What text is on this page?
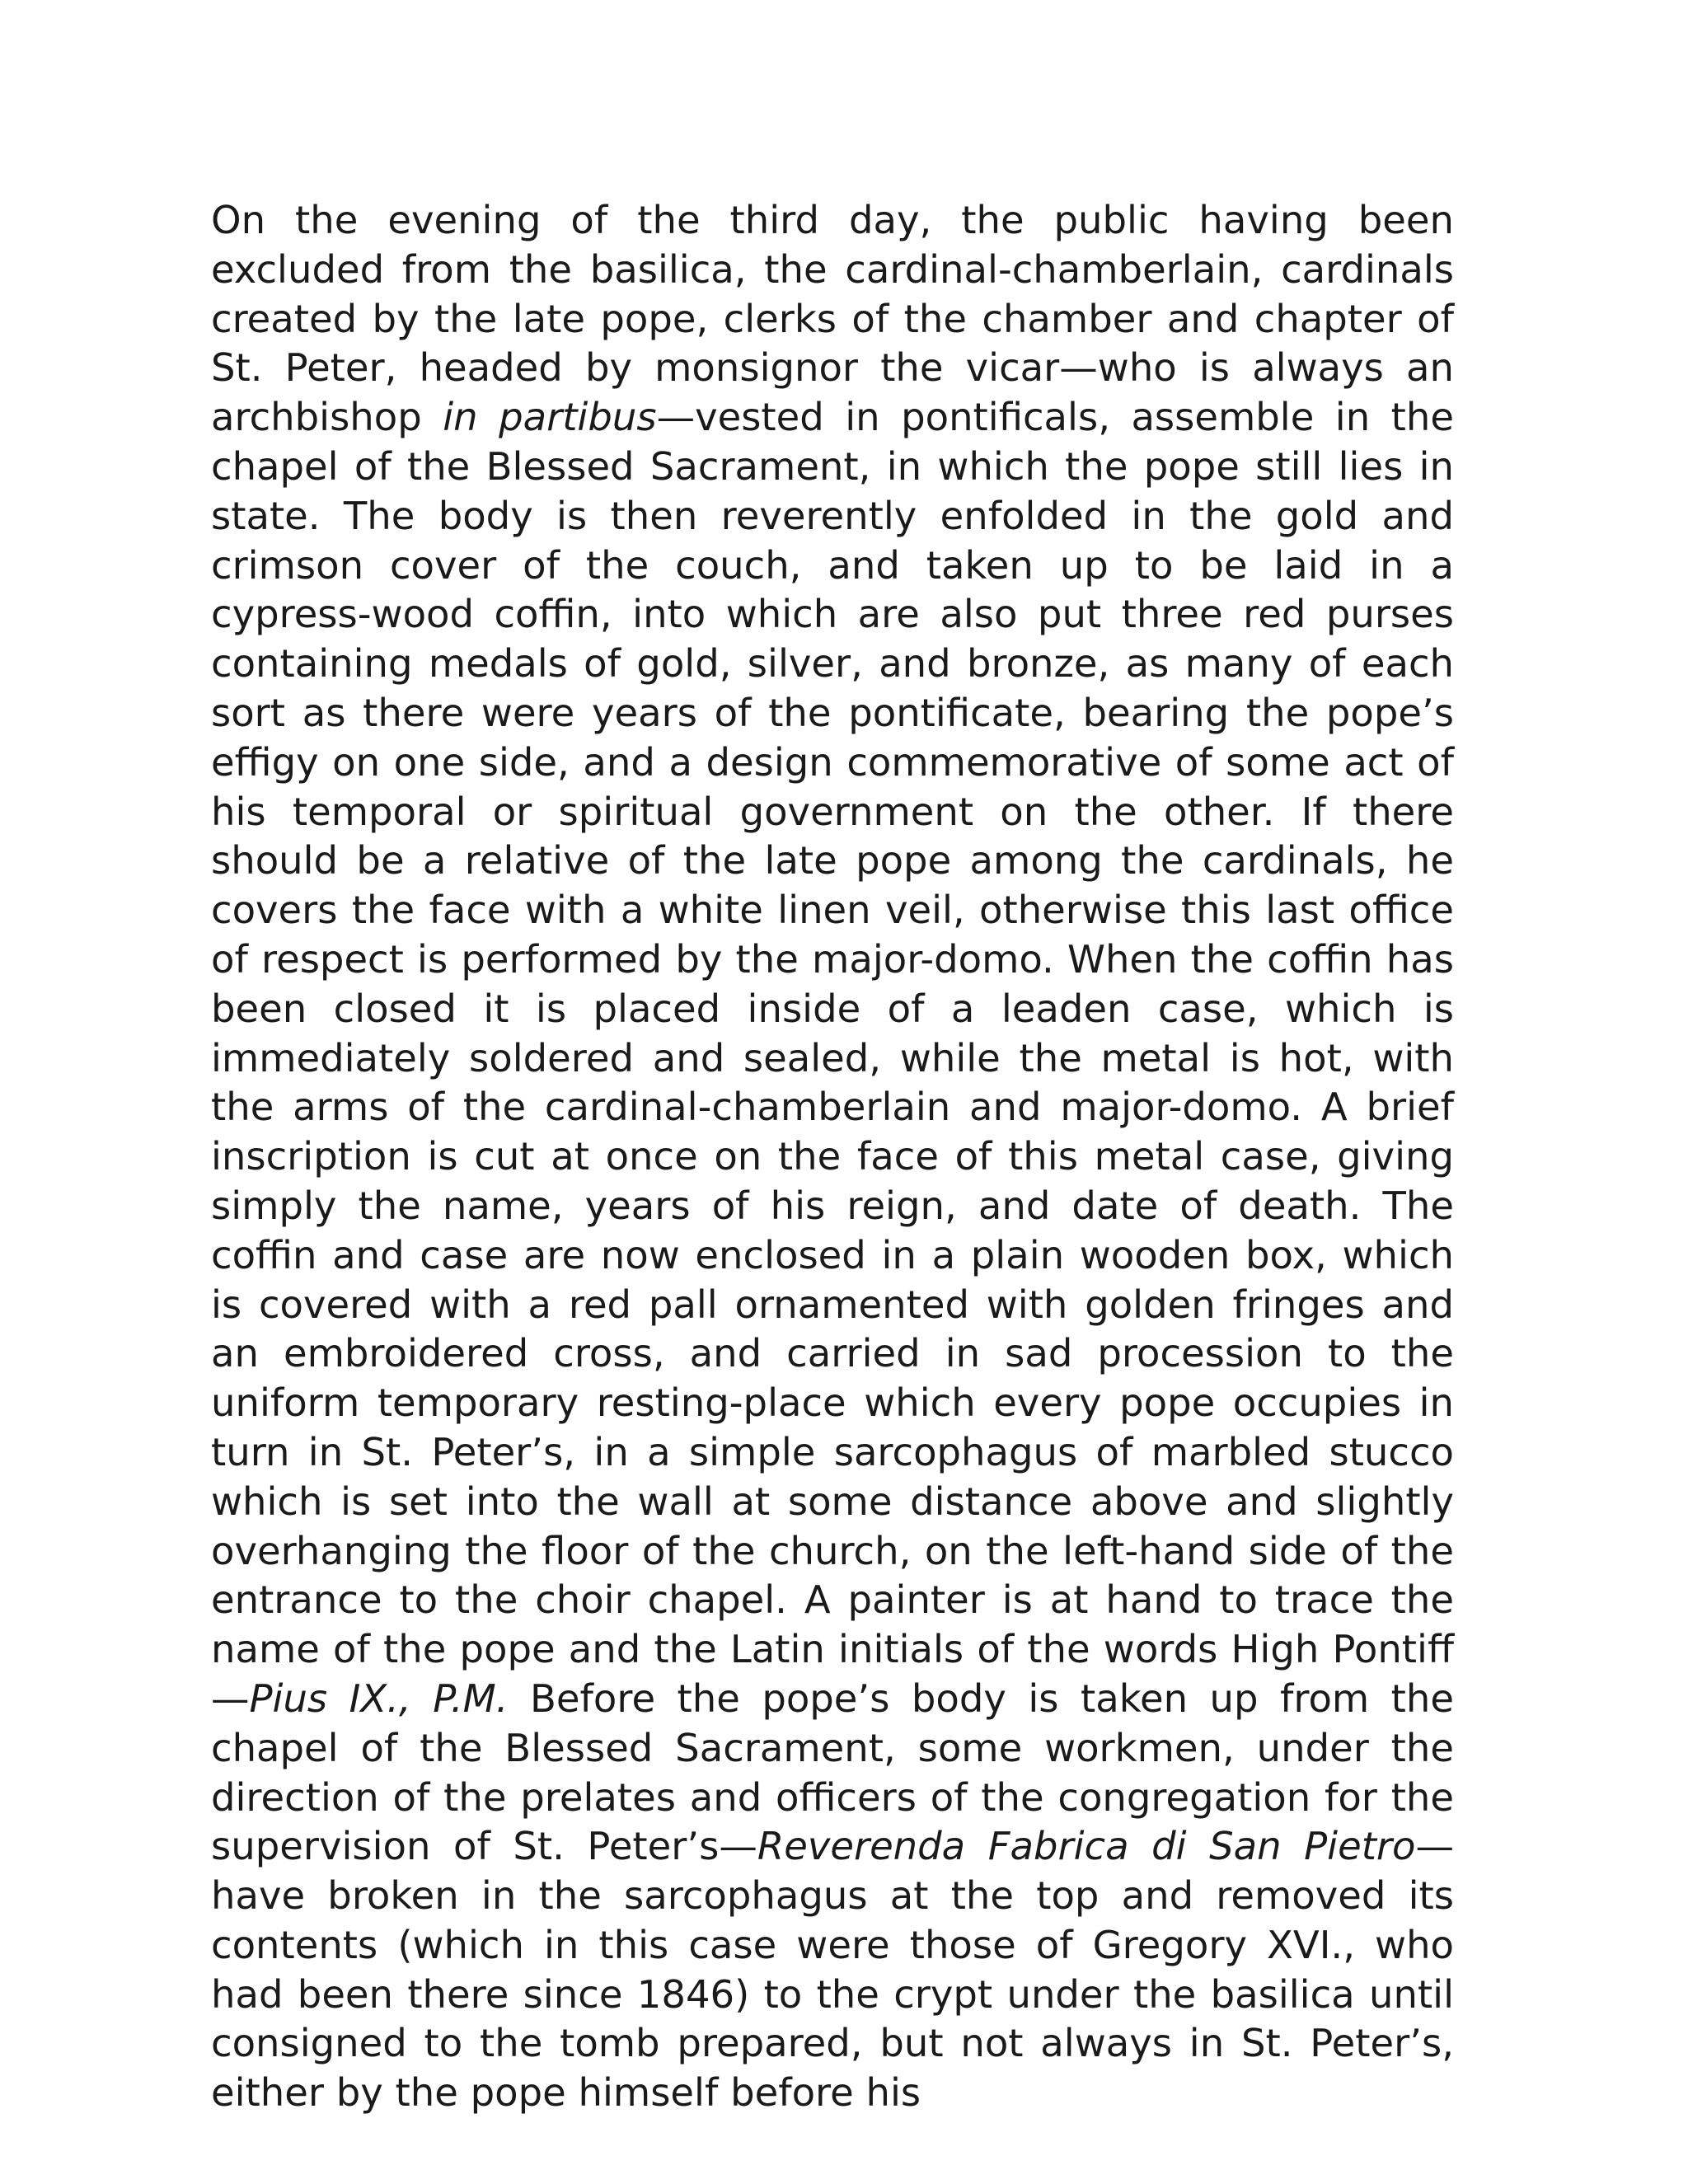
On the evening of the third day, the public having been excluded from the basilica, the cardinal-chamberlain, cardinals created by the late pope, clerks of the chamber and chapter of St. Peter, headed by monsignor the vicar—who is always an archbishop in partibus—vested in pontificals, assemble in the chapel of the Blessed Sacrament, in which the pope still lies in state. The body is then reverently enfolded in the gold and crimson cover of the couch, and taken up to be laid in a cypress-wood coffin, into which are also put three red purses containing medals of gold, silver, and bronze, as many of each sort as there were years of the pontificate, bearing the pope’s effigy on one side, and a design commemorative of some act of his temporal or spiritual government on the other. If there should be a relative of the late pope among the cardinals, he covers the face with a white linen veil, otherwise this last office of respect is performed by the major-domo. When the coffin has been closed it is placed inside of a leaden case, which is immediately soldered and sealed, while the metal is hot, with the arms of the cardinal-chamberlain and major-domo. A brief inscription is cut at once on the face of this metal case, giving simply the name, years of his reign, and date of death. The coffin and case are now enclosed in a plain wooden box, which is covered with a red pall ornamented with golden fringes and an embroidered cross, and carried in sad procession to the uniform temporary resting-place which every pope occupies in turn in St. Peter’s, in a simple sarcophagus of marbled stucco which is set into the wall at some distance above and slightly overhanging the floor of the church, on the left-hand side of the entrance to the choir chapel. A painter is at hand to trace the name of the pope and the Latin initials of the words High Pontiff—Pius IX., P.M. Before the pope’s body is taken up from the chapel of the Blessed Sacrament, some workmen, under the direction of the prelates and officers of the congregation for the supervision of St. Peter’s—Reverenda Fabrica di San Pietro—have broken in the sarcophagus at the top and removed its contents (which in this case were those of Gregory XVI., who had been there since 1846) to the crypt under the basilica until consigned to the tomb prepared, but not always in St. Peter’s, either by the pope himself before his
